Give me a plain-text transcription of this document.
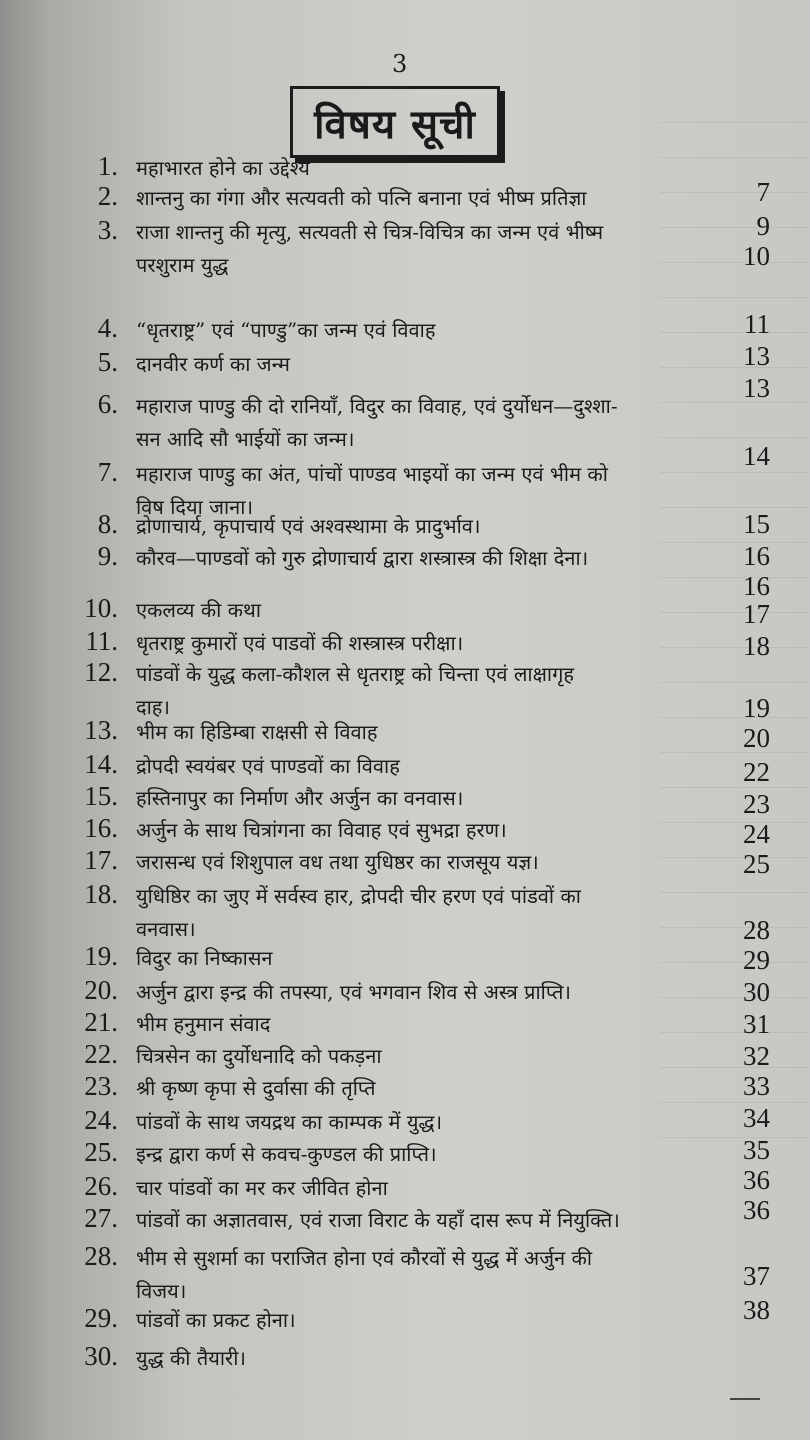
3
विषय सूची
1. महाभारत होने का उद्देश्य
2. शान्तनु का गंगा और सत्यवती को पत्नि बनाना एवं भीष्म प्रतिज्ञा	7
3. राजा शान्तनु की मृत्यु, सत्यवती से चित्र-विचित्र का जन्म एवं भीष्म
परशुराम युद्ध
9
4. “धृतराष्ट्र” एवं “पाण्डु”का जन्म एवं विवाह
10
5. दानवीर कर्ण का जन्म
11
6. महाराज पाण्डु की दो रानियाँ, विदुर का विवाह, एवं दुर्योधन—दुश्शा-
सन आदि सौ भाईयों का जन्म।
13
7. महाराज पाण्डु का अंत, पांचों पाण्डव भाइयों का जन्म एवं भीम को
विष दिया जाना।
13
8. द्रोणाचार्य, कृपाचार्य एवं अश्वस्थामा के प्रादुर्भाव।
14
9. कौरव—पाण्डवों को गुरु द्रोणाचार्य द्वारा शस्त्रास्त्र की शिक्षा देना।
15
10. एकलव्य की कथा
16
11. धृतराष्ट्र कुमारों एवं पाडवों की शस्त्रास्त्र परीक्षा।
16
12. पांडवों के युद्ध कला-कौशल से धृतराष्ट्र को चिन्ता एवं लाक्षागृह
दाह।
17
13. भीम का हिडिम्बा राक्षसी से विवाह
18
14. द्रोपदी स्वयंबर एवं पाण्डवों का विवाह
19
15. हस्तिनापुर का निर्माण और अर्जुन का वनवास।
20
16. अर्जुन के साथ चित्रांगना का विवाह एवं सुभद्रा हरण।
22
17. जरासन्ध एवं शिशुपाल वध तथा युधिष्ठर का राजसूय यज्ञ।
23
18. युधिष्ठिर का जुए में सर्वस्व हार, द्रोपदी चीर हरण एवं पांडवों का
वनवास।
24
19. विदुर का निष्कासन
25
20. अर्जुन द्वारा इन्द्र की तपस्या, एवं भगवान शिव से अस्त्र प्राप्ति।
28
21. भीम हनुमान संवाद
29
22. चित्रसेन का दुर्योधनादि को पकड़ना
30
23. श्री कृष्ण कृपा से दुर्वासा की तृप्ति
31
24. पांडवों के साथ जयद्रथ का काम्पक में युद्ध।
32
25. इन्द्र द्वारा कर्ण से कवच-कुण्डल की प्राप्ति।
33
26. चार पांडवों का मर कर जीवित होना
34
27. पांडवों का अज्ञातवास, एवं राजा विराट के यहाँ दास रूप में नियुक्ति।
35
28. भीम से सुशर्मा का पराजित होना एवं कौरवों से युद्ध में अर्जुन की
विजय।
36
29. पांडवों का प्रकट होना।
36
30. युद्ध की तैयारी।
37
38
